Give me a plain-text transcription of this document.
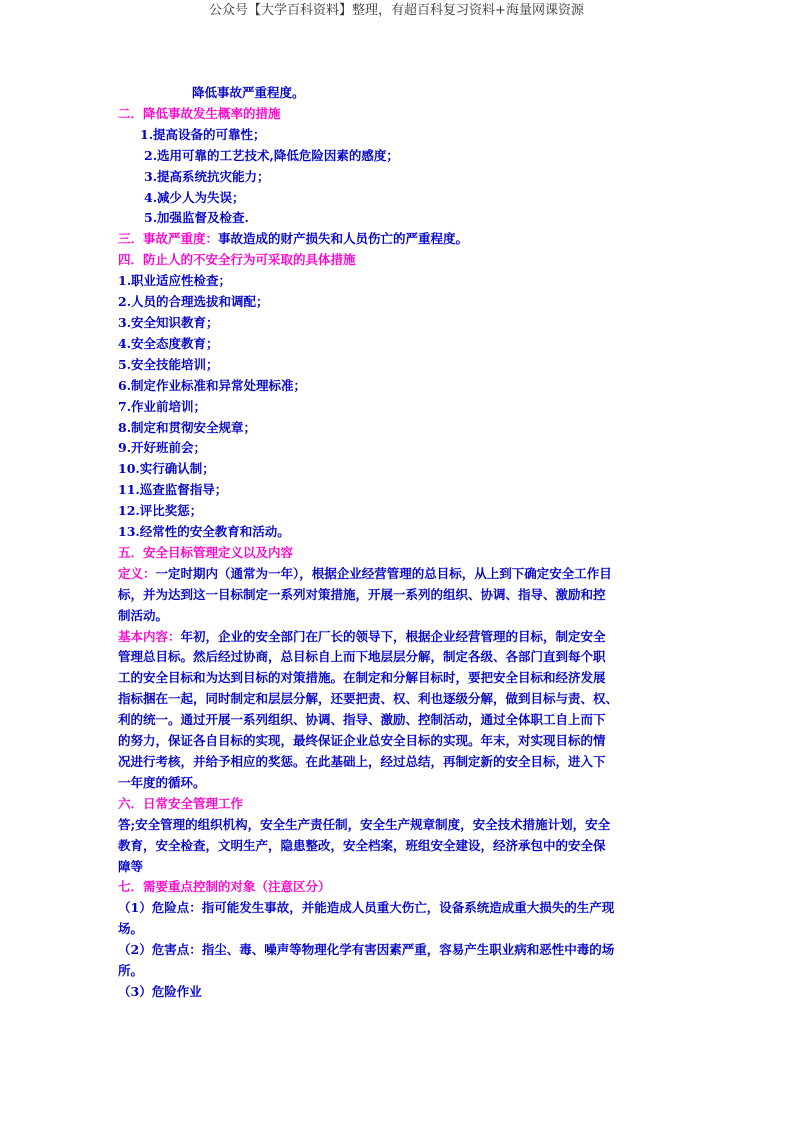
公众号【大学百科资料】整理，有超百科复习资料+海量网课资源
降低事故严重程度。
二．降低事故发生概率的措施
1.提高设备的可靠性；
2.选用可靠的工艺技术,降低危险因素的感度；
3.提高系统抗灾能力；
4.减少人为失误；
5.加强监督及检查.
三．事故严重度：事故造成的财产损失和人员伤亡的严重程度。
四．防止人的不安全行为可采取的具体措施
1.职业适应性检查；
2.人员的合理选拔和调配；
3.安全知识教育；
4.安全态度教育；
5.安全技能培训；
6.制定作业标准和异常处理标准；
7.作业前培训；
8.制定和贯彻安全规章；
9.开好班前会；
10.实行确认制；
11.巡查监督指导；
12.评比奖惩；
13.经常性的安全教育和活动。
五．安全目标管理定义以及内容
定义：一定时期内（通常为一年），根据企业经营管理的总目标，从上到下确定安全工作目
标，并为达到这一目标制定一系列对策措施，开展一系列的组织、协调、指导、激励和控
制活动。
基本内容：年初，企业的安全部门在厂长的领导下，根据企业经营管理的目标，制定安全
管理总目标。然后经过协商，总目标自上而下地层层分解，制定各级、各部门直到每个职
工的安全目标和为达到目标的对策措施。在制定和分解目标时，要把安全目标和经济发展
指标捆在一起，同时制定和层层分解，还要把责、权、利也逐级分解，做到目标与责、权、
利的统一。通过开展一系列组织、协调、指导、激励、控制活动，通过全体职工自上而下
的努力，保证各自目标的实现，最终保证企业总安全目标的实现。年末，对实现目标的情
况进行考核，并给予相应的奖惩。在此基础上，经过总结，再制定新的安全目标，进入下
一年度的循环。
六．日常安全管理工作
答;安全管理的组织机构，安全生产责任制，安全生产规章制度，安全技术措施计划，安全
教育，安全检查，文明生产，隐患整改，安全档案，班组安全建设，经济承包中的安全保
障等
七．需要重点控制的对象（注意区分）
（1）危险点：指可能发生事故，并能造成人员重大伤亡，设备系统造成重大损失的生产现
场。
（2）危害点：指尘、毒、噪声等物理化学有害因素严重，容易产生职业病和恶性中毒的场
所。
（3）危险作业
